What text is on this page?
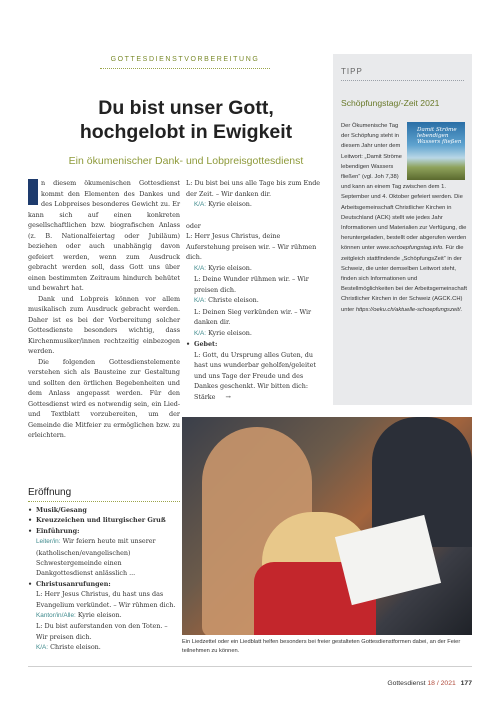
GOTTESDIENSTVORBEREITUNG
Du bist unser Gott,
hochgelobt in Ewigkeit
Ein ökumenischer Dank- und Lobpreisgottesdienst

n diesem ökumenischen Gottesdienst kommt den Elementen des Dankes und des Lobpreises besonderes Gewicht zu. Er kann sich auf einen konkreten gesellschaftlichen bzw. biografischen Anlass (z. B. Nationalfeiertag oder Jubiläum) beziehen oder auch unabhängig davon gefeiert werden, wenn zum Ausdruck gebracht werden soll, dass Gott uns über einen bestimmten Zeitraum hindurch behütet und bewahrt hat.

Dank und Lobpreis können vor allem musikalisch zum Ausdruck gebracht werden. Daher ist es bei der Vorbereitung solcher Gottesdienste besonders wichtig, dass Kirchenmusiker/innen rechtzeitig einbezogen werden.

Die folgenden Gottesdienstelemente verstehen sich als Bausteine zur Gestaltung und sollten den örtlichen Begebenheiten und dem Anlass angepasst werden. Für den Gottesdienst wird es notwendig sein, ein Lied- und Textblatt vorzubereiten, um der Gemeinde die Mitfeier zu ermöglichen bzw. zu erleichtern.

L: Du bist bei uns alle Tage bis zum Ende der Zeit. – Wir danken dir.

K/A: Kyrie eleison.

oder

L: Herr Jesus Christus, deine Auferstehung preisen wir. – Wir rühmen dich.

K/A: Kyrie eleison.

L: Deine Wunder rühmen wir. – Wir preisen dich.

K/A: Christe eleison.

L: Deinen Sieg verkünden wir. – Wir danken dir.

K/A: Kyrie eleison.

• Gebet:

L: Gott, du Ursprung alles Guten, du hast uns wunderbar geholfen/geleitet und uns Tage der Freude und des Dankes geschenkt. Wir bitten dich: Stärke →

Eröffnung

• Musik/Gesang

• Kreuzzeichen und liturgischer Gruß

• Einführung:

Leiter/in: Wir feiern heute mit unserer (katholischen/evangelischen) Schwestergemeinde einen Dankgottesdienst anlässlich ...

• Christusanrufungen:

L: Herr Jesus Christus, du hast uns das Evangelium verkündet. – Wir rühmen dich.

Kantor/in/Alle: Kyrie eleison.

L: Du bist auferstanden von den Toten. – Wir preisen dich.

K/A: Christe eleison.

TIPP
Schöpfungstag/-Zeit 2021
Damit Ströme lebendigen Wassers fließen
Der Ökumenische Tag der Schöpfung steht in diesem Jahr unter dem Leitwort: „Damit Ströme lebendigen Wassers fließen“ (vgl. Joh 7,38) und kann an einem Tag zwischen dem 1. September und 4. Oktober gefeiert werden. Die Arbeitsgemeinschaft Christlicher Kirchen in Deutschland (ACK) stellt wie jedes Jahr Informationen und Materialien zur Verfügung, die heruntergeladen, bestellt oder abgerufen werden können unter www.schoepfungstag.info. Für die zeitgleich stattfindende „SchöpfungsZeit“ in der Schweiz, die unter demselben Leitwort steht, finden sich Informationen und Bestellmöglichkeiten bei der Arbeitsgemeinschaft Christlicher Kirchen in der Schweiz (AGCK.CH) unter https://oeku.ch/aktuelle-schoepfungszeit/.
Ein Liedzettel oder ein Liedblatt helfen besonders bei freier gestalteten Gottesdienstformen dabei, an der Feier teilnehmen zu können.
Gottesdienst 18 / 2021 177
